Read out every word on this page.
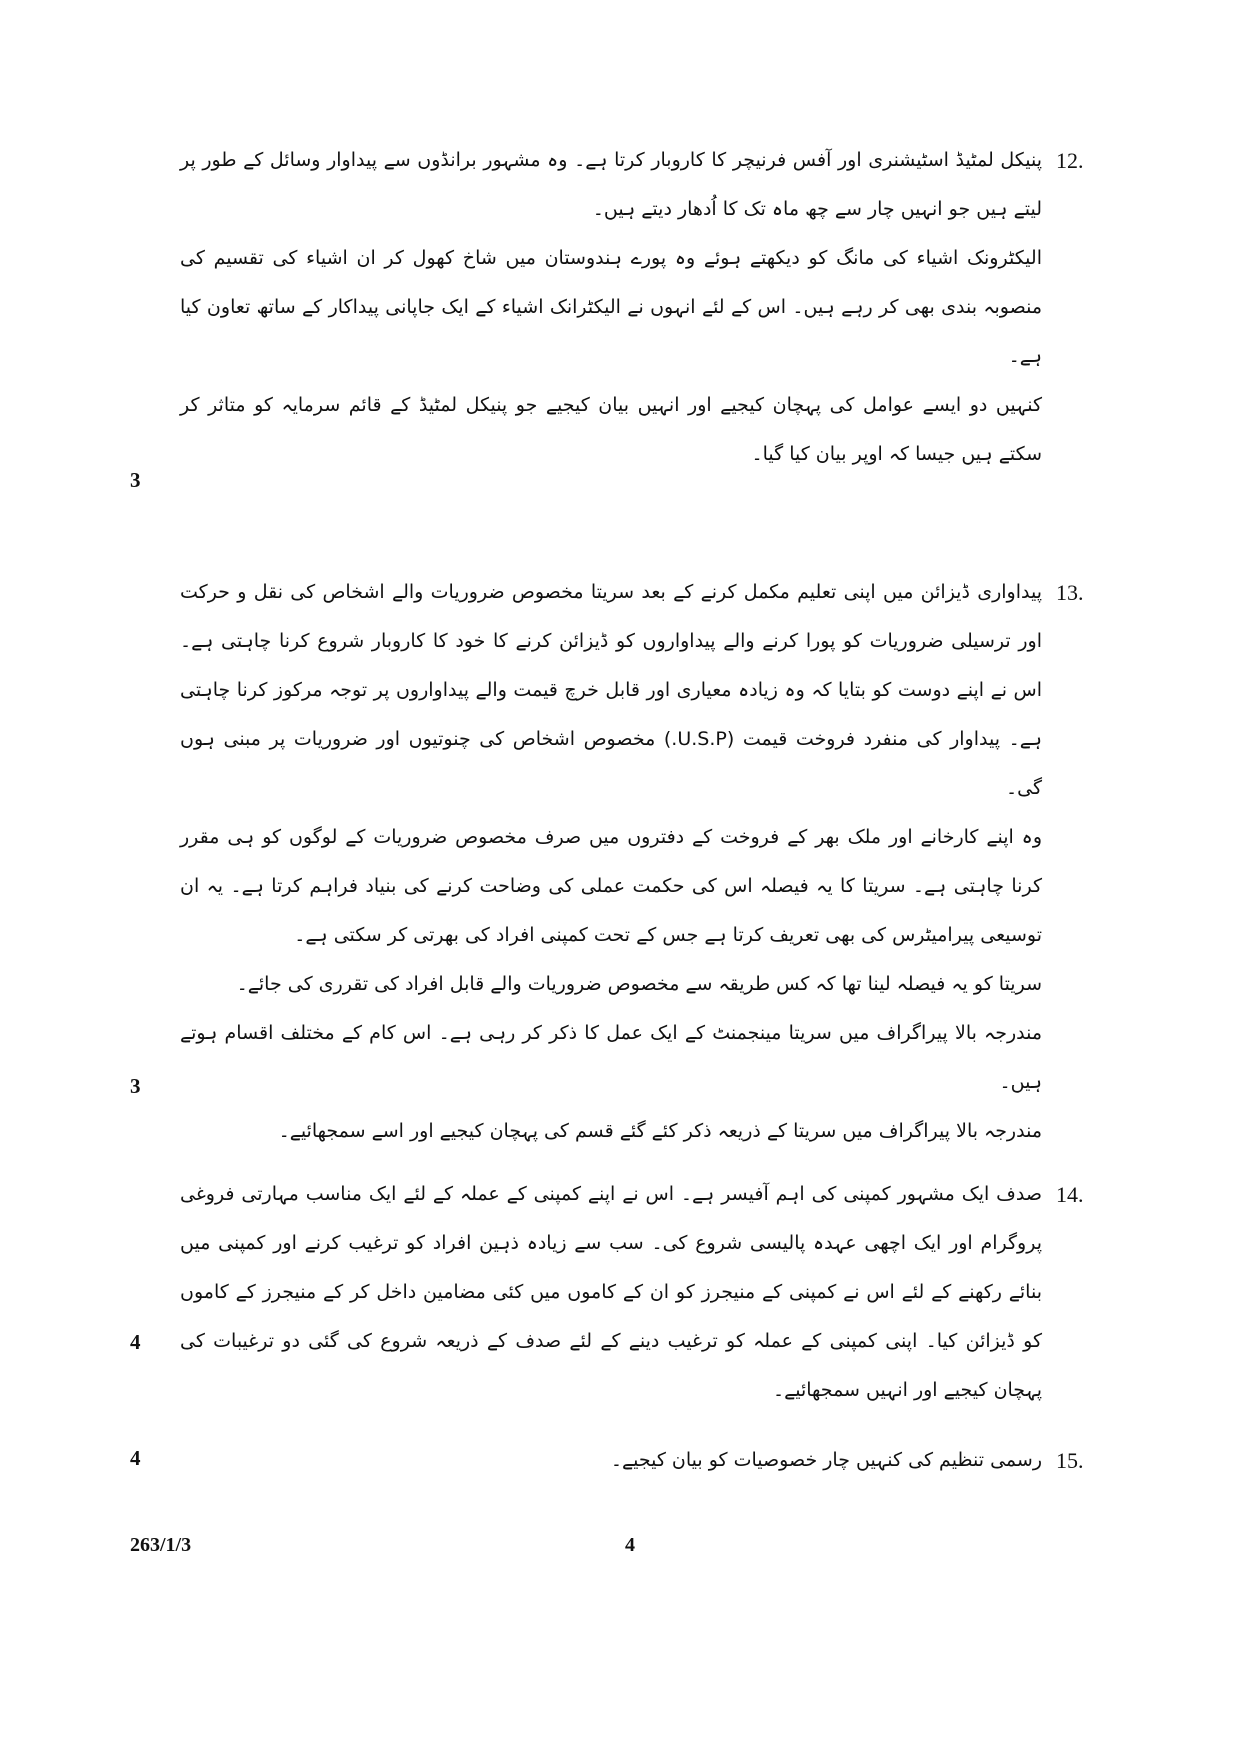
12.

پنیکل لمٹیڈ اسٹیشنری اور آفس فرنیچر کا کاروبار کرتا ہے۔ وہ مشہور برانڈوں سے پیداوار وسائل کے طور پر لیتے ہیں جو انہیں چار سے چھ ماہ تک کا اُدھار دیتے ہیں۔

الیکٹرونک اشیاء کی مانگ کو دیکھتے ہوئے وہ پورے ہندوستان میں شاخ کھول کر ان اشیاء کی تقسیم کی منصوبہ بندی بھی کر رہے ہیں۔ اس کے لئے انہوں نے الیکٹرانک اشیاء کے ایک جاپانی پیداکار کے ساتھ تعاون کیا ہے۔

کنہیں دو ایسے عوامل کی پہچان کیجیے اور انہیں بیان کیجیے جو پنیکل لمٹیڈ کے قائم سرمایہ کو متاثر کر سکتے ہیں جیسا کہ اوپر بیان کیا گیا۔

3
13.

پیداواری ڈیزائن میں اپنی تعلیم مکمل کرنے کے بعد سریتا مخصوص ضروریات والے اشخاص کی نقل و حرکت اور ترسیلی ضروریات کو پورا کرنے والے پیداواروں کو ڈیزائن کرنے کا خود کا کاروبار شروع کرنا چاہتی ہے۔ اس نے اپنے دوست کو بتایا کہ وہ زیادہ معیاری اور قابل خرچ قیمت والے پیداواروں پر توجہ مرکوز کرنا چاہتی ہے۔ پیداوار کی منفرد فروخت قیمت (U.S.P.) مخصوص اشخاص کی چنوتیوں اور ضروریات پر مبنی ہوں گی۔

وہ اپنے کارخانے اور ملک بھر کے فروخت کے دفتروں میں صرف مخصوص ضروریات کے لوگوں کو ہی مقرر کرنا چاہتی ہے۔ سریتا کا یہ فیصلہ اس کی حکمت عملی کی وضاحت کرنے کی بنیاد فراہم کرتا ہے۔ یہ ان توسیعی پیرامیٹرس کی بھی تعریف کرتا ہے جس کے تحت کمپنی افراد کی بھرتی کر سکتی ہے۔

سریتا کو یہ فیصلہ لینا تھا کہ کس طریقہ سے مخصوص ضروریات والے قابل افراد کی تقرری کی جائے۔

مندرجہ بالا پیراگراف میں سریتا مینجمنٹ کے ایک عمل کا ذکر کر رہی ہے۔ اس کام کے مختلف اقسام ہوتے ہیں۔

مندرجہ بالا پیراگراف میں سریتا کے ذریعہ ذکر کئے گئے قسم کی پہچان کیجیے اور اسے سمجھائیے۔

3
14.

صدف ایک مشہور کمپنی کی اہم آفیسر ہے۔ اس نے اپنے کمپنی کے عملہ کے لئے ایک مناسب مہارتی فروغی پروگرام اور ایک اچھی عہدہ پالیسی شروع کی۔ سب سے زیادہ ذہین افراد کو ترغیب کرنے اور کمپنی میں بنائے رکھنے کے لئے اس نے کمپنی کے منیجرز کو ان کے کاموں میں کئی مضامین داخل کر کے منیجرز کے کاموں کو ڈیزائن کیا۔ اپنی کمپنی کے عملہ کو ترغیب دینے کے لئے صدف کے ذریعہ شروع کی گئی دو ترغیبات کی پہچان کیجیے اور انہیں سمجھائیے۔

4
15.

رسمی تنظیم کی کنہیں چار خصوصیات کو بیان کیجیے۔

4
263/1/3	4
